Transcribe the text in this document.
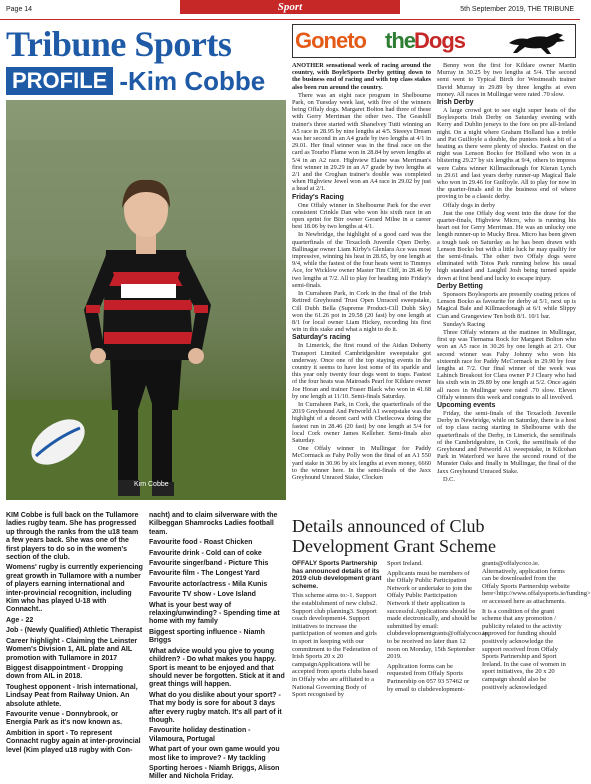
Page 14	Sport	5th September 2019, THE TRIBUNE
Tribune Sports
PROFILE -Kim Cobbe
Kim Cobbe

KIM Cobbe is full back on the Tullamore ladies rugby team. She has progressed up through the ranks from the u18 team a few years back. She was one of the first players to do so in the women's section of the club.

Womens' rugby is currently experiencing great growth in Tullamore with a number of players earning international and inter-provincial recognition, including Kim who has played U-18 with Connacht..

Age - 22

Job - (Newly Qualified) Athletic Therapist

Career highlight - Claiming the Leinster Women's Division 1, AIL plate and AIL promotion with Tullamore in 2017

Biggest disappointment - Dropping down from AIL in 2018.

Toughest opponent - Irish international, Lindsay Peat from Railway Union. An absolute athlete.

Favourite venue - Donnybrook, or Energia Park as it's now known as.

Ambition in sport - To represent Connacht rugby again at inter-provincial level (Kim played u18 rugby with Con-

nacht) and to claim silverware with the Kilbeggan Shamrocks Ladies football team.

Favourite food - Roast Chicken

Favourite drink - Cold can of coke

Favourite singer/band - Picture This

Favourite film - The Longest Yard

Favourite actor/actress - Mila Kunis

Favourite TV show - Love Island

What is your best way of relaxing/unwinding? - Spending time at home with my family

Biggest sporting influence - Niamh Briggs

What advice would you give to young children? - Do what makes you happy. Sport is meant to be enjoyed and that should never be forgotten. Stick at it and great things will happen.

What do you dislike about your sport? - That my body is sore for about 3 days after every rugby match. It's all part of it though.

Favourite holiday destination - Vilamoura, Portugal

What part of your own game would you most like to improve? - My tackling

Sporting heroes - Niamh Briggs, Alison Miller and Nichola Friday.

Goneto the Dogs

ANOTHER sensational week of racing around the country, with BoyleSports Derby getting down to the business end of racing and with top class stakes also been run around the country.

There was an eight race program in Shelbourne Park, on Tuesday week last, with five of the winners being Offaly dogs. Margaret Bolton had three of these with Gerry Merriman the other two. The Geashill trainer's three started with Shanelvey Tutti winning an A5 race in 28.95 by nine lengths at 4/5. Steeeys Dream was her second in an A4 grade by two lengths at 4/1 in 29.01. Her final winner was in the final race on the card as Tourbo Flame won in 28.84 by seven lengths at 5/4 in an A2 race. Highview Elaine was Merriman's first winner in 29.29 in an A7 grade by two lengths at 2/1 and the Croghan trainer's double was completed when Highview Jewel won an A4 race in 29.02 by just a head at 2/1.

Friday's Racing

One Offaly winner in Shelbourne Park for the ever consistent Crinkle Dan who won his sixth race in an open sprint for Birr owner Gerard Milne in a career best 18.06 by two lengths at 4/1.

In Newbridge, the highlight of a good card was the quarterfinals of the Texacloth Juvenile Open Derby. Ballinagar owner Liam Kirby's Glenlara Ace was most impressive, winning his heat in 28.65, by one length at 9/4, while the fastest of the four heats went to Timmys Ace, for Wicklow owner Master Tim Cliff, in 28.46 by two lengths at 7/2. All to play for heading into Friday's semi-finals.

In Curraheen Park, in Cork in the final of the Irish Retired Greyhound Trust Open Unraced sweepstake, Cill Dubh Bella (Supreme Product-Cill Dubh Sky) won the 61.26 pot in 29.58 (20 fast) by one length at 8/1 for local owner Liam Hickey, recording his first win in this stake and what a night to do it.

Saturday's racing

In Limerick, the first round of the Aidan Doherty Transport Limited Cambridgeshire sweepstake got underway. Once one of the top staying events in the country it seems to have lost some of its sparkle and this year only twenty four dogs went to traps. Fastest of the four heats was Mairoads Pearl for Kildare owner Joe Horan and trainer Fraser Black who won in 41.68 by one length at 11/10. Semi-finals Saturday.

In Curraheen Park, in Cork, the quarterfinals of the 2019 Greyhound And Petworld A1 sweepstake was the highlight of a decent card with Chetlecowa doing the fastest run in 28.46 (20 fast) by one length at 5/4 for local Cork owner James Kelleher. Semi-finals also Saturday.

One Offaly winner in Mullingar for Paddy McCormack as Fahy Polly won the final of an A1 550 yard stake in 30.96 by six lengths at even money, 6660 to the winner here. In the semi-finals of the Jaxx Greyhound Unraced Stake, Clocken

Benny won the first for Kildare owner Martin Murray in 30.25 by two lengths at 5/4. The second semi went to Typical Birch for Westmeath trainer David Murray in 29.89 by three lengths at even money. All races in Mullingar were rated .70 slow.

Irish Derby

A large crowd got to see eight super heats of the Boylesports Irish Derby on Saturday evening with Kerry and Dublin jerseys to the fore on pre all-Ireland night. On a night where Graham Holland has a treble and Pat Guilfoyle a double, the punters took a bit of a beating as there were plenty of shocks. Fastest on the night was Lenson Bocko for Holland who won in a blistering 29.27 by six lengths at 9/4, others to impress were Cabra winner Killmacdonagh for Kieran Lynch in 29.61 and last years derby runner-up Magical Bale who won in 29.46 for Guilfoyle. All to play for now in the quarter-finals and in the business end of where proving to be a classic derby.

Offaly dogs in derby

Just the one Offaly dog went into the draw for the quarter-finals, Highview Micro, who is running his heart out for Gerry Merriman. He was an unlucky one length runner-up to Mucky Brea. Micro has been given a tough task on Saturday as he has been drawn with Lenson Bocko but with a little luck he may qualify for the semi-finals. The other two Offaly dogs were eliminated with Totos Park running below his usual high standard and Laughil Josh being turned upside down at first bend and lucky to escape injury.

Derby Betting

Sponsors Boylesports are presently coating prices of Lenson Bocko as favourite for derby at 5/1, next up is Magical Bale and Killmacdonagh at 6/1 while Slippy Cian and Grangeview Ten both 8/1. 10/1 bar.

Sunday's Racing

Three Offaly winners at the matinee in Mullingar, first up was Tiernama Rock for Margaret Bolton who won an A5 race in 30.26 by one length at 2/1. Our second winner was Fahy Johnny who won his sixteenth race for Paddy McCormack in 29.90 by four lengths at 7/2. Our final winner of the week was Lahinch Breakout for Clara owner P J Cleary who had his sixth win in 29.89 by one length at 5/2. Once again all races in Mullingar were rated .70 slow. Eleven Offaly winners this week and congrats to all involved.

Upcoming events

Friday, the semi-finals of the Texacloth Juvenile Derby in Newbridge, while on Saturday, there is a host of top class racing starting in Shelbourne with the quarterfinals of the Derby, in Limerick, the semifinals of the Cambridgeshire, in Cork, the semifinals of the Greyhound and Petworld A1 sweepstake, in Kilcohan Park in Waterford we have the second round of the Munster Oaks and finally in Mullingar, the final of the Jaxx Greyhound Unraced Stake.

D.C.

Details announced of Club Development Grant Scheme

OFFALY Sports Partnership has announced details of its 2019 club development grant scheme.

This scheme aims to:-1. Support the establishment of new clubs2. Support club planning3. Support coach development4. Support initiatives to increase the participation of women and girls in sport in keeping with our commitment to the Federation of Irish Sports 20 x 20 campaignApplications will be accepted from sports clubs based in Offaly who are affiliated to a National Governing Body of Sport recognised by

Sport Ireland.

Applicants must be members of the Offaly Public Participation Network or undertake to join the Offaly Public Participation Network if their application is successful.Applications should be made electronically, and should be submitted by email: clubdevelopmentgrants@offalycoco.ie, to be received no later than 12 noon on Monday, 15th September 2019.

Application forms can be requested from Offaly Sports Partnership on 057 93 57462 or by email to clubdevelopment-

grants@offalycoco.ie. Alternatively, application forms can be downloaded from the Offaly Sports Partnership website here<http://www.offalysports.ie/funding> or accessed here as attachments.

It is a condition of the grant scheme that any promotion / publicity related to the activity approved for funding should positively acknowledge the support received from Offaly Sports Partnership and Sport Ireland. In the case of women in sport initiatives, the 20 x 20 campaign should also be positively acknowledged
